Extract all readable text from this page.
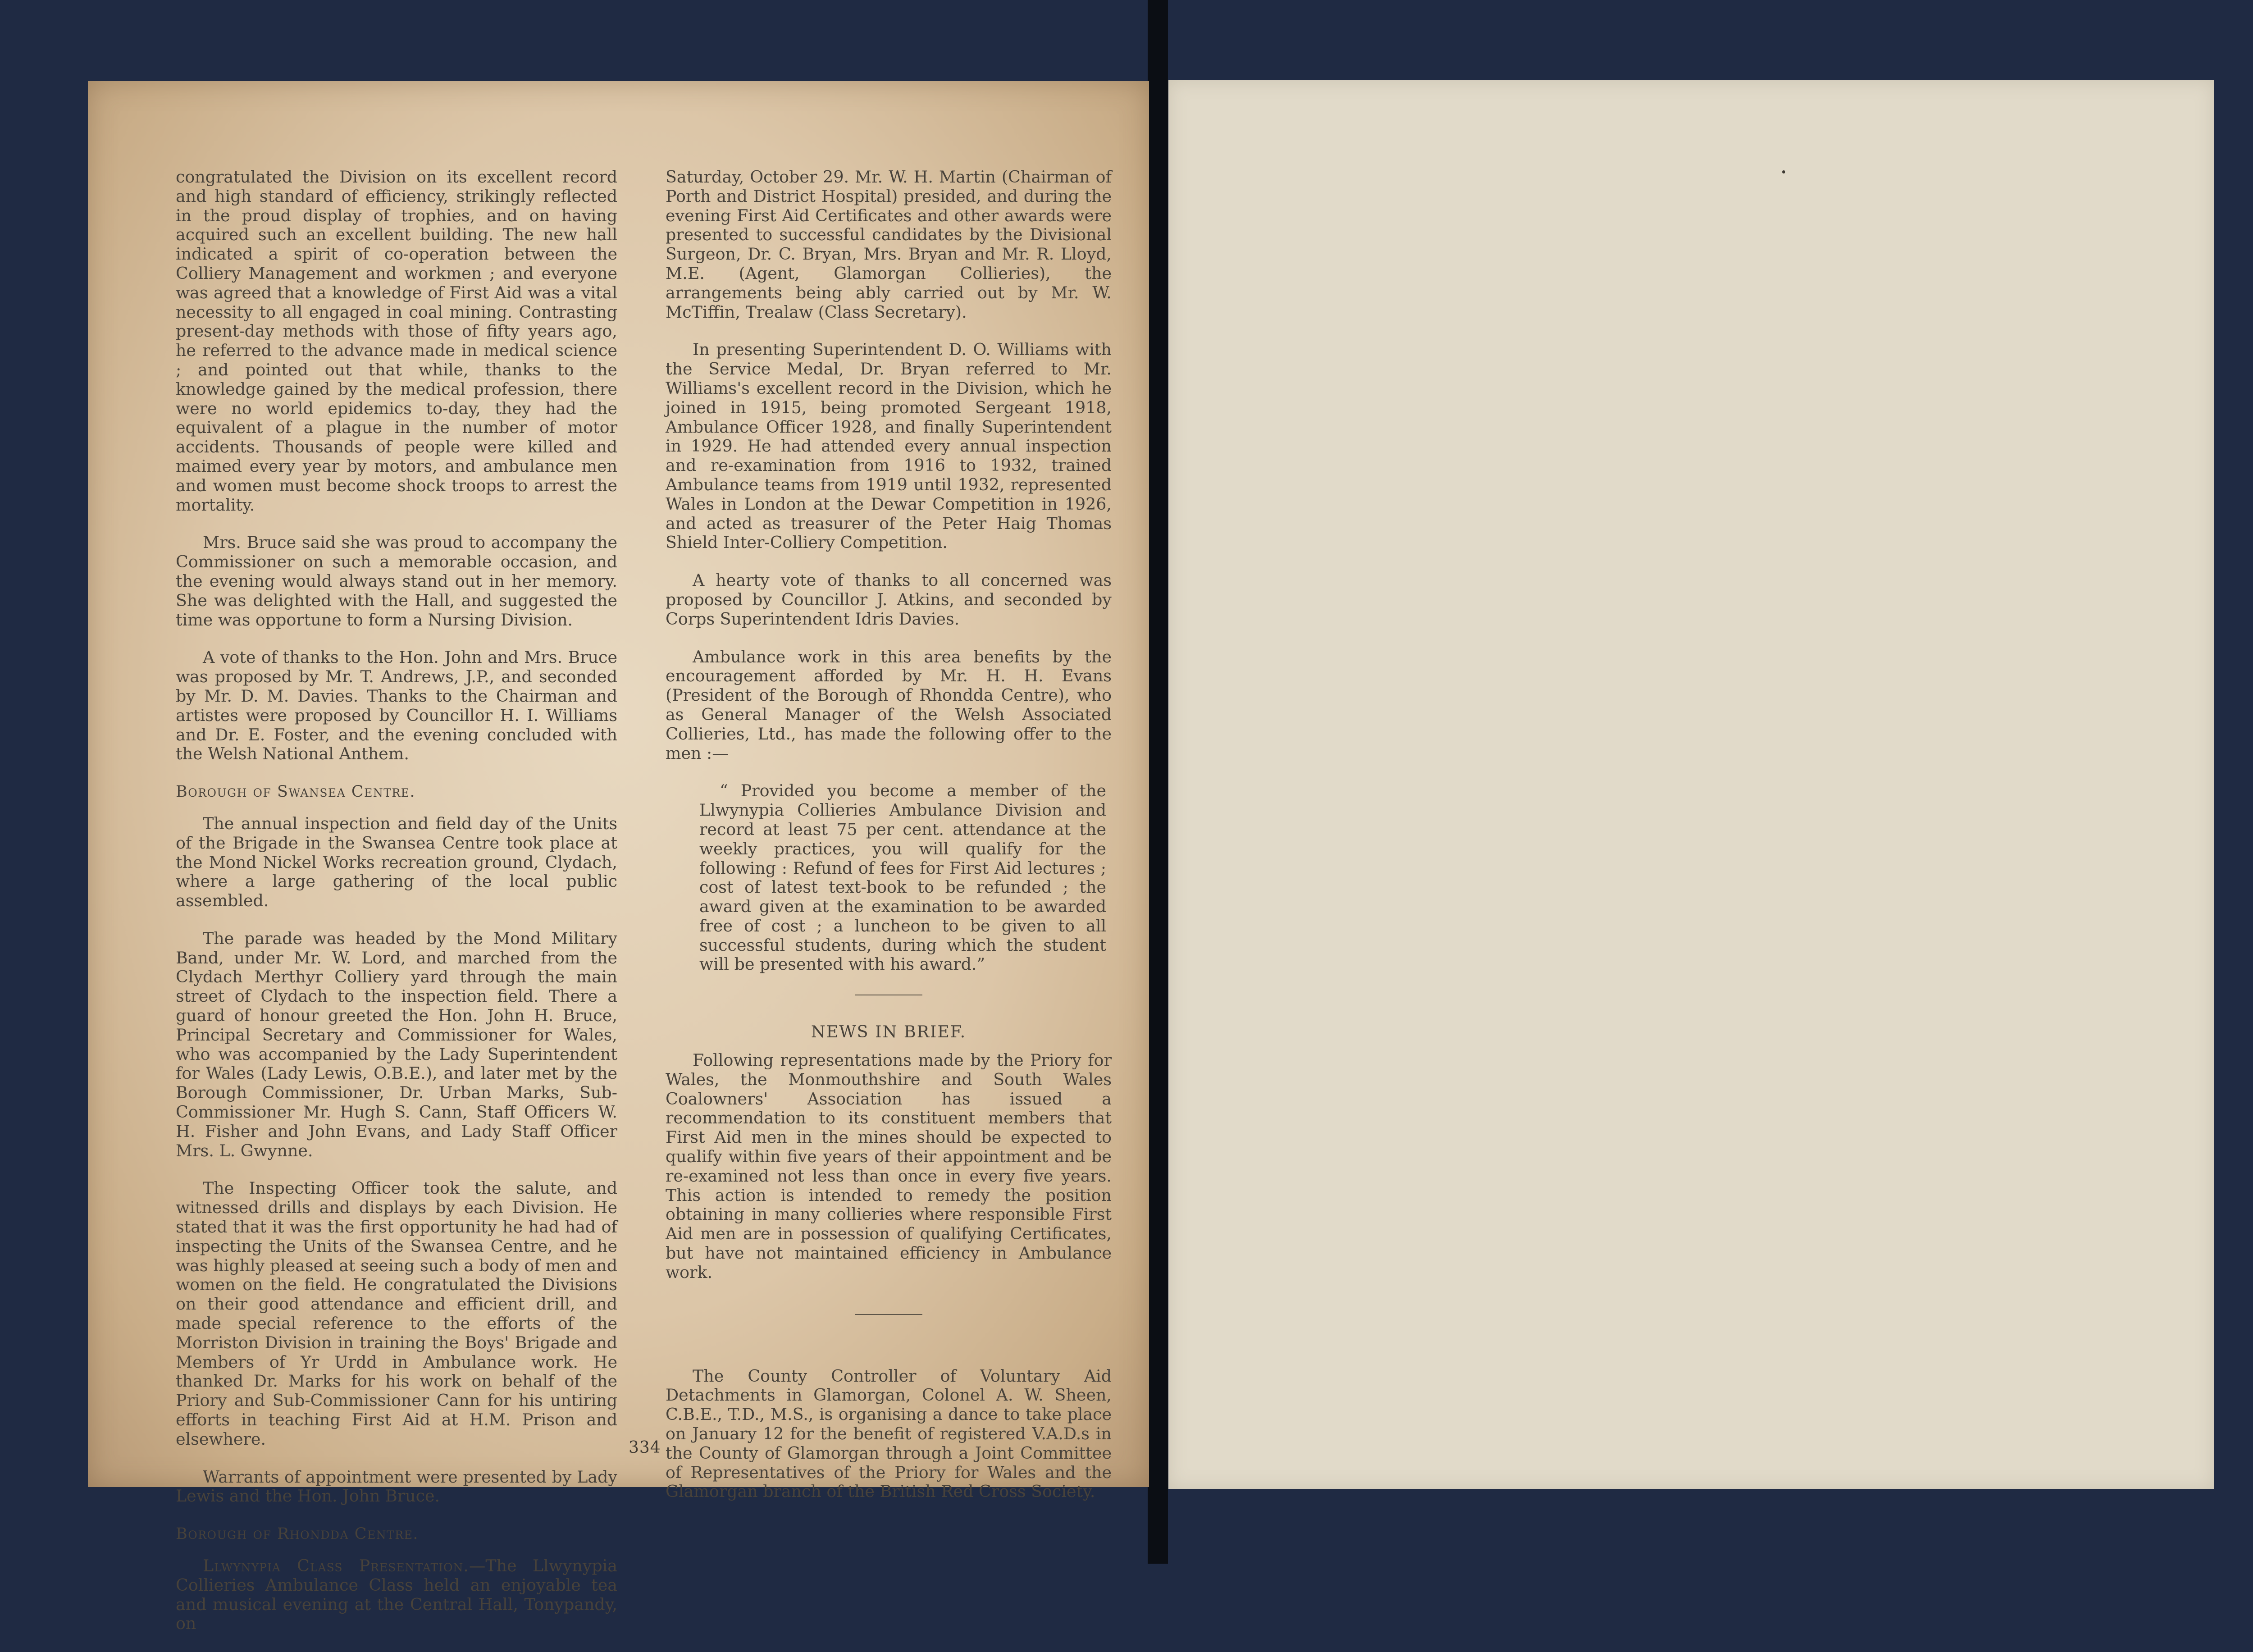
congratulated the Division on its excellent record and high standard of efficiency, strikingly reflected in the proud display of trophies, and on having acquired such an excellent building. The new hall indicated a spirit of co-operation between the Colliery Management and workmen ; and everyone was agreed that a knowledge of First Aid was a vital necessity to all engaged in coal mining. Contrasting present-day methods with those of fifty years ago, he referred to the advance made in medical science ; and pointed out that while, thanks to the knowledge gained by the medical profession, there were no world epidemics to-day, they had the equivalent of a plague in the number of motor accidents. Thousands of people were killed and maimed every year by motors, and ambulance men and women must become shock troops to arrest the mortality.

Mrs. Bruce said she was proud to accompany the Commissioner on such a memorable occasion, and the evening would always stand out in her memory. She was delighted with the Hall, and suggested the time was opportune to form a Nursing Division.

A vote of thanks to the Hon. John and Mrs. Bruce was proposed by Mr. T. Andrews, J.P., and seconded by Mr. D. M. Davies. Thanks to the Chairman and artistes were proposed by Councillor H. I. Williams and Dr. E. Foster, and the evening concluded with the Welsh National Anthem.

Borough of Swansea Centre.

The annual inspection and field day of the Units of the Brigade in the Swansea Centre took place at the Mond Nickel Works recreation ground, Clydach, where a large gathering of the local public assembled.

The parade was headed by the Mond Military Band, under Mr. W. Lord, and marched from the Clydach Merthyr Colliery yard through the main street of Clydach to the inspection field. There a guard of honour greeted the Hon. John H. Bruce, Principal Secretary and Commissioner for Wales, who was accompanied by the Lady Superintendent for Wales (Lady Lewis, O.B.E.), and later met by the Borough Commissioner, Dr. Urban Marks, Sub-Commissioner Mr. Hugh S. Cann, Staff Officers W. H. Fisher and John Evans, and Lady Staff Officer Mrs. L. Gwynne.

The Inspecting Officer took the salute, and witnessed drills and displays by each Division. He stated that it was the first opportunity he had had of inspecting the Units of the Swansea Centre, and he was highly pleased at seeing such a body of men and women on the field. He congratulated the Divisions on their good attendance and efficient drill, and made special reference to the efforts of the Morriston Division in training the Boys' Brigade and Members of Yr Urdd in Ambulance work. He thanked Dr. Marks for his work on behalf of the Priory and Sub-Commissioner Cann for his untiring efforts in teaching First Aid at H.M. Prison and elsewhere.

Warrants of appointment were presented by Lady Lewis and the Hon. John Bruce.

Borough of Rhondda Centre.

Llwynypia Class Presentation.—The Llwynypia Collieries Ambulance Class held an enjoyable tea and musical evening at the Central Hall, Tonypandy, on

Saturday, October 29. Mr. W. H. Martin (Chairman of Porth and District Hospital) presided, and during the evening First Aid Certificates and other awards were presented to successful candidates by the Divisional Surgeon, Dr. C. Bryan, Mrs. Bryan and Mr. R. Lloyd, M.E. (Agent, Glamorgan Collieries), the arrangements being ably carried out by Mr. W. McTiffin, Trealaw (Class Secretary).

In presenting Superintendent D. O. Williams with the Service Medal, Dr. Bryan referred to Mr. Williams's excellent record in the Division, which he joined in 1915, being promoted Sergeant 1918, Ambulance Officer 1928, and finally Superintendent in 1929. He had attended every annual inspection and re-examination from 1916 to 1932, trained Ambulance teams from 1919 until 1932, represented Wales in London at the Dewar Competition in 1926, and acted as treasurer of the Peter Haig Thomas Shield Inter-Colliery Competition.

A hearty vote of thanks to all concerned was proposed by Councillor J. Atkins, and seconded by Corps Superintendent Idris Davies.

Ambulance work in this area benefits by the encouragement afforded by Mr. H. H. Evans (President of the Borough of Rhondda Centre), who as General Manager of the Welsh Associated Collieries, Ltd., has made the following offer to the men :—

“ Provided you become a member of the Llwynypia Collieries Ambulance Division and record at least 75 per cent. attendance at the weekly practices, you will qualify for the following : Refund of fees for First Aid lectures ; cost of latest text-book to be refunded ; the award given at the examination to be awarded free of cost ; a luncheon to be given to all successful students, during which the student will be presented with his award.”

NEWS IN BRIEF.

Following representations made by the Priory for Wales, the Monmouthshire and South Wales Coalowners' Association has issued a recommendation to its constituent members that First Aid men in the mines should be expected to qualify within five years of their appointment and be re-examined not less than once in every five years. This action is intended to remedy the position obtaining in many collieries where responsible First Aid men are in possession of qualifying Certificates, but have not maintained efficiency in Ambulance work.

The County Controller of Voluntary Aid Detachments in Glamorgan, Colonel A. W. Sheen, C.B.E., T.D., M.S., is organising a dance to take place on January 12 for the benefit of registered V.A.D.s in the County of Glamorgan through a Joint Committee of Representatives of the Priory for Wales and the Glamorgan branch of the British Red Cross Society.

334
